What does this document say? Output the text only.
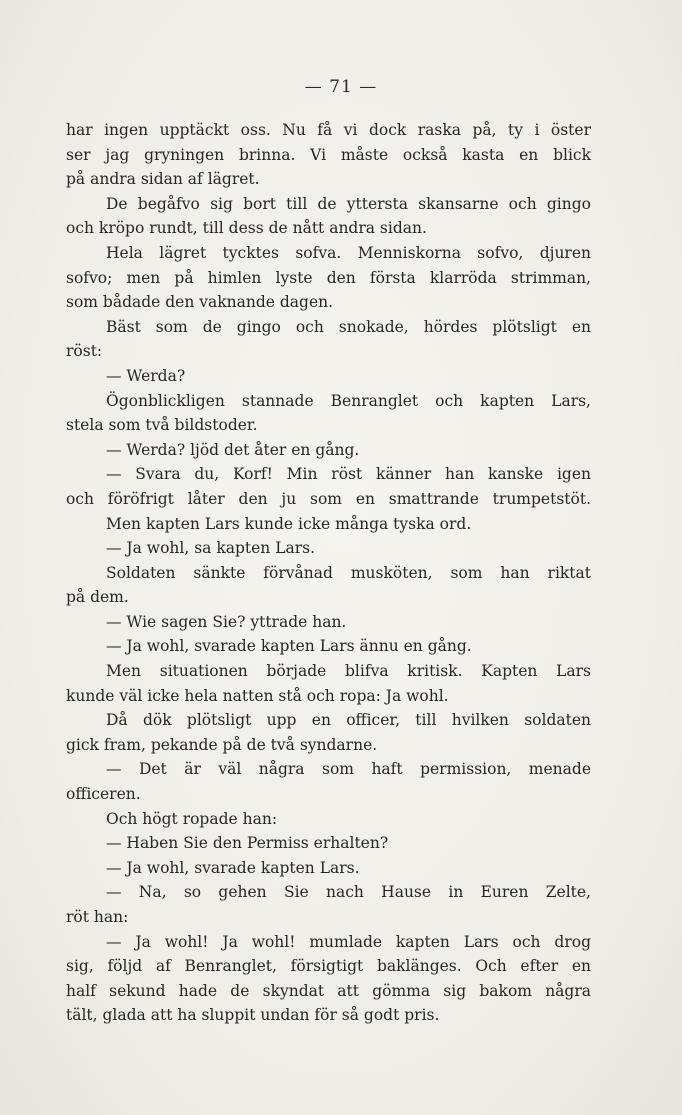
— 71 —
har ingen upptäckt oss. Nu få vi dock raska på, ty i öster
ser jag gryningen brinna. Vi måste också kasta en blick
på andra sidan af lägret.
De begåfvo sig bort till de yttersta skansarne och gingo
och kröpo rundt, till dess de nått andra sidan.
Hela lägret tycktes sofva. Menniskorna sofvo, djuren
sofvo; men på himlen lyste den första klarröda strimman,
som bådade den vaknande dagen.
Bäst som de gingo och snokade, hördes plötsligt en
röst:
— Werda?
Ögonblickligen stannade Benranglet och kapten Lars,
stela som två bildstoder.
— Werda? ljöd det åter en gång.
— Svara du, Korf! Min röst känner han kanske igen
och föröfrigt låter den ju som en smattrande trumpetstöt.
Men kapten Lars kunde icke många tyska ord.
— Ja wohl, sa kapten Lars.
Soldaten sänkte förvånad musköten, som han riktat
på dem.
— Wie sagen Sie? yttrade han.
— Ja wohl, svarade kapten Lars ännu en gång.
Men situationen började blifva kritisk. Kapten Lars
kunde väl icke hela natten stå och ropa: Ja wohl.
Då dök plötsligt upp en officer, till hvilken soldaten
gick fram, pekande på de två syndarne.
— Det är väl några som haft permission, menade
officeren.
Och högt ropade han:
— Haben Sie den Permiss erhalten?
— Ja wohl, svarade kapten Lars.
— Na, so gehen Sie nach Hause in Euren Zelte,
röt han:
— Ja wohl! Ja wohl! mumlade kapten Lars och drog
sig, följd af Benranglet, försigtigt baklänges. Och efter en
half sekund hade de skyndat att gömma sig bakom några
tält, glada att ha sluppit undan för så godt pris.
